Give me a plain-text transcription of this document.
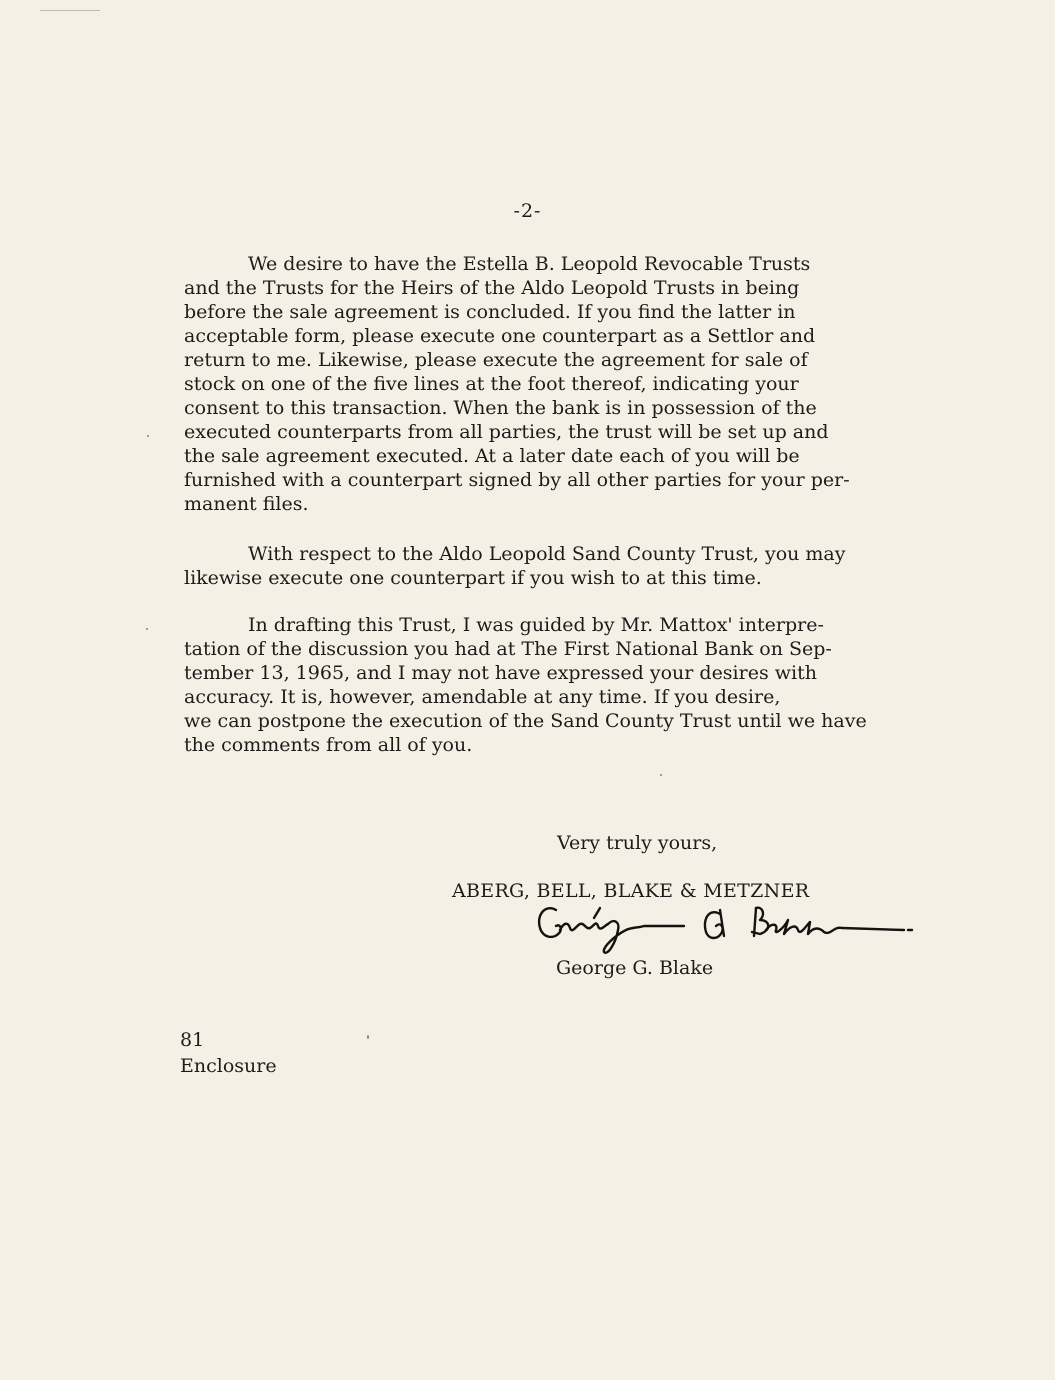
-2-
We desire to have the Estella B. Leopold Revocable Trusts
and the Trusts for the Heirs of the Aldo Leopold Trusts in being
before the sale agreement is concluded. If you find the latter in
acceptable form, please execute one counterpart as a Settlor and
return to me. Likewise, please execute the agreement for sale of
stock on one of the five lines at the foot thereof, indicating your
consent to this transaction. When the bank is in possession of the
executed counterparts from all parties, the trust will be set up and
the sale agreement executed. At a later date each of you will be
furnished with a counterpart signed by all other parties for your per-
manent files.
With respect to the Aldo Leopold Sand County Trust, you may
likewise execute one counterpart if you wish to at this time.
In drafting this Trust, I was guided by Mr. Mattox' interpre-
tation of the discussion you had at The First National Bank on Sep-
tember 13, 1965, and I may not have expressed your desires with
accuracy. It is, however, amendable at any time. If you desire,
we can postpone the execution of the Sand County Trust until we have
the comments from all of you.
Very truly yours,
ABERG, BELL, BLAKE & METZNER
George G. Blake
81
Enclosure
